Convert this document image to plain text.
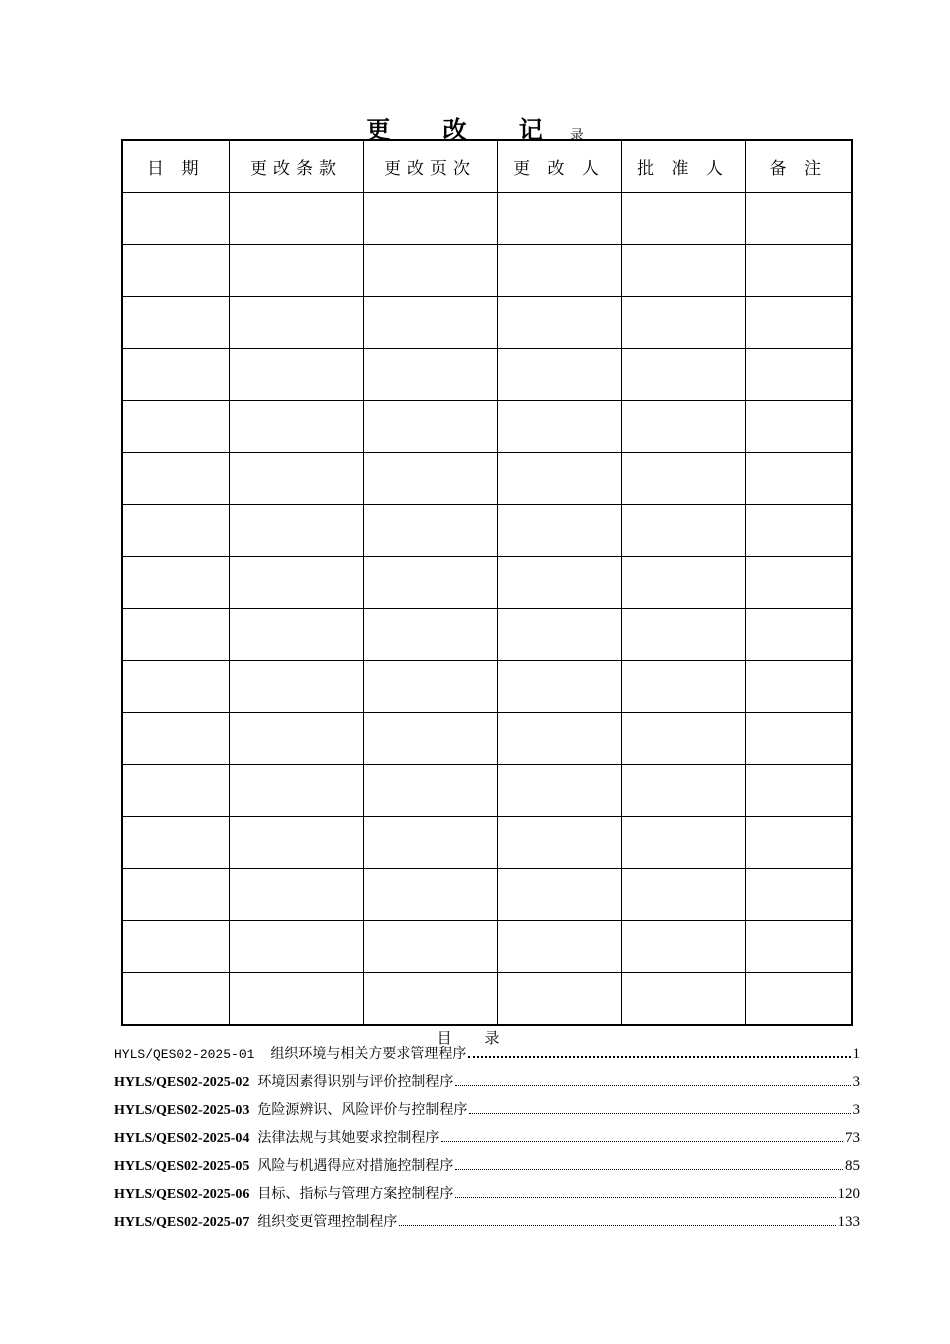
更 改 记 录
日 期	更改条款	更改页次	更 改 人	批 准 人	备 注

目 录
HYLS/QES02-2025-01 组织环境与相关方要求管理程序	1
HYLS/QES02-2025-02 环境因素得识别与评价控制程序	3
HYLS/QES02-2025-03 危险源辨识、风险评价与控制程序	3
HYLS/QES02-2025-04 法律法规与其她要求控制程序	73
HYLS/QES02-2025-05 风险与机遇得应对措施控制程序	85
HYLS/QES02-2025-06 目标、指标与管理方案控制程序	120
HYLS/QES02-2025-07 组织变更管理控制程序	133
